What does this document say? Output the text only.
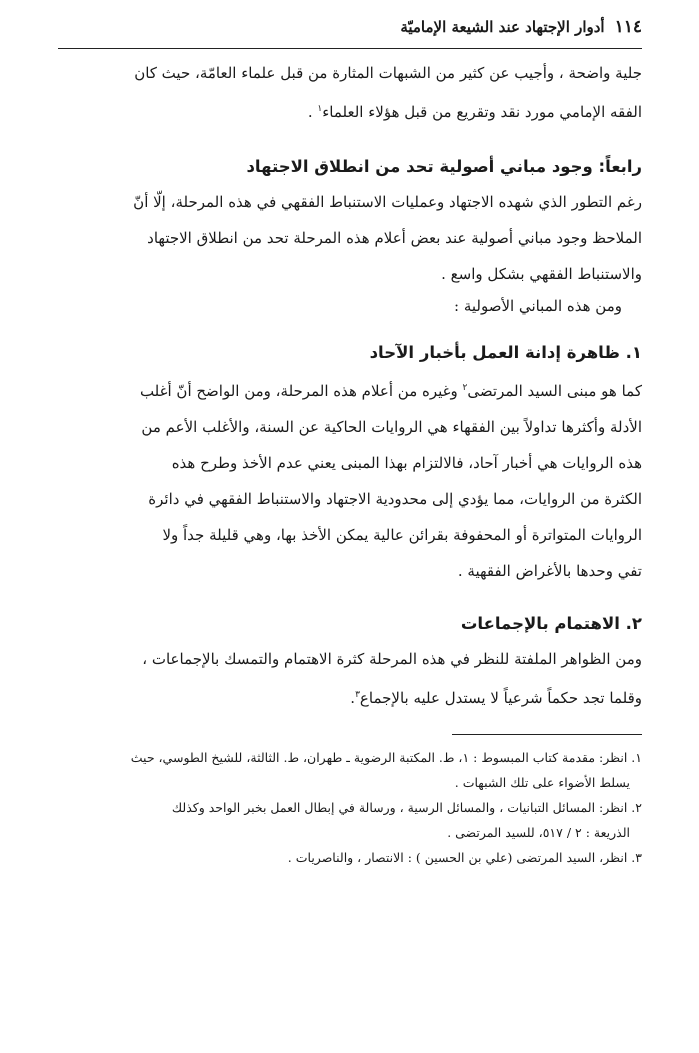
١١٤
أدوار الإجتهاد عند الشيعة الإماميّة
جلية واضحة ، وأجيب عن كثير من الشبهات المثارة من قبل علماء العامّة، حيث كان
الفقه الإمامي مورد نقد وتقريع من قبل هؤلاء العلماء$^١$ .
رابعاً: وجود مباني أصولية تحد من انطلاق الاجتهاد
رغم التطور الذي شهده الاجتهاد وعمليات الاستنباط الفقهي في هذه المرحلة، إلّا أنّ
الملاحظ وجود مباني أصولية عند بعض أعلام هذه المرحلة تحد من انطلاق الاجتهاد
والاستنباط الفقهي بشكل واسع .
ومن هذه المباني الأصولية :
١. ظاهرة إدانة العمل بأخبار الآحاد
كما هو مبنى السيد المرتضى$^٢$ وغيره من أعلام هذه المرحلة، ومن الواضح أنّ أغلب
الأدلة وأكثرها تداولاً بين الفقهاء هي الروايات الحاكية عن السنة، والأغلب الأعم من
هذه الروايات هي أخبار آحاد، فالالتزام بهذا المبنى يعني عدم الأخذ وطرح هذه
الكثرة من الروايات، مما يؤدي إلى محدودية الاجتهاد والاستنباط الفقهي في دائرة
الروايات المتواترة أو المحفوفة بقرائن عالية يمكن الأخذ بها، وهي قليلة جداً ولا
تفي وحدها بالأغراض الفقهية .
٢. الاهتمام بالإجماعات
ومن الظواهر الملفتة للنظر في هذه المرحلة كثرة الاهتمام والتمسك بالإجماعات ،
وقلما تجد حكماً شرعياً لا يستدل عليه بالإجماع$^٣$.
١. انظر: مقدمة كتاب المبسوط : ١، ط. المكتبة الرضوية ـ طهران، ط. الثالثة، للشيخ الطوسي، حيث
يسلط الأضواء على تلك الشبهات .
٢. انظر: المسائل التبانيات ، والمسائل الرسية ، ورسالة في إبطال العمل بخبر الواحد وكذلك
الذريعة : ٢ / ٥١٧، للسيد المرتضى .
٣. انظر، السيد المرتضى (علي بن الحسين ) : الانتصار ، والناصريات .
